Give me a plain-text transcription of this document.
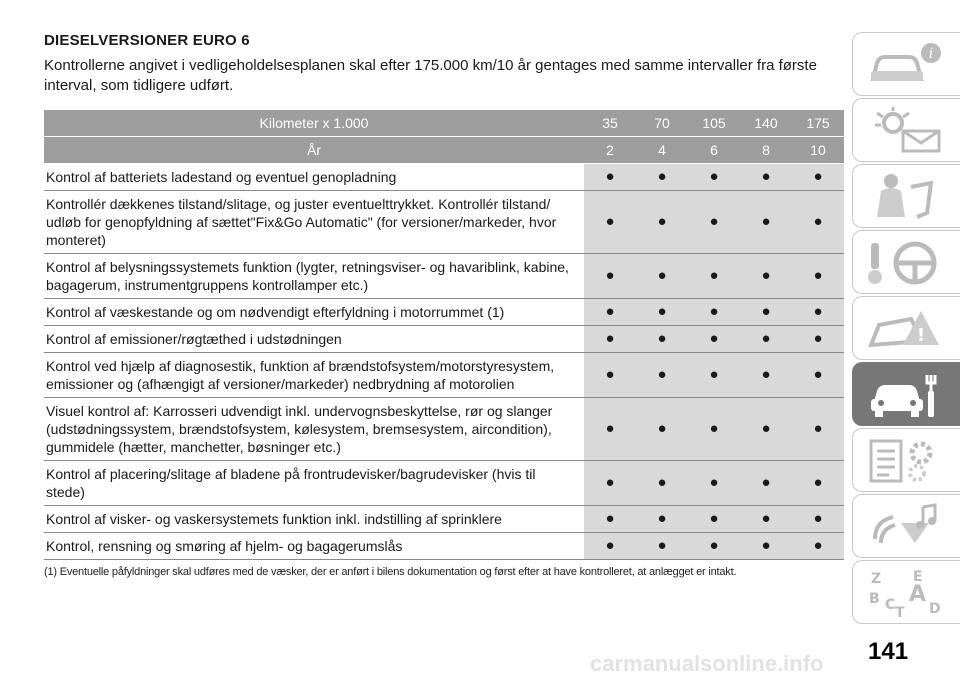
DIESELVERSIONER EURO 6
Kontrollerne angivet i vedligeholdelsesplanen skal efter 175.000 km/10 år gentages med samme intervaller fra første interval, som tidligere udført.
Kilometer x 1.000	35	70	105	140	175
År	2	4	6	8	10
Kontrol af batteriets ladestand og eventuel genopladning	●	●	●	●	●
Kontrollér dækkenes tilstand/slitage, og juster eventuelttrykket. Kontrollér tilstand/ udløb for genopfyldning af sættet"Fix&Go Automatic" (for versioner/markeder, hvor monteret)	●	●	●	●	●
Kontrol af belysningssystemets funktion (lygter, retningsviser- og havariblink, kabine, bagagerum, instrumentgruppens kontrollamper etc.)	●	●	●	●	●
Kontrol af væskestande og om nødvendigt efterfyldning i motorrummet (1)	●	●	●	●	●
Kontrol af emissioner/røgtæthed i udstødningen	●	●	●	●	●
Kontrol ved hjælp af diagnosestik, funktion af brændstofsystem/motorstyresystem, emissioner og (afhængigt af versioner/markeder) nedbrydning af motorolien	●	●	●	●	●
Visuel kontrol af: Karrosseri udvendigt inkl. undervognsbeskyttelse, rør og slanger (udstødningssystem, brændstofsystem, kølesystem, bremsesystem, aircondition), gummidele (hætter, manchetter, bøsninger etc.)	●	●	●	●	●
Kontrol af placering/slitage af bladene på frontrudevisker/bagrudevisker (hvis til stede)	●	●	●	●	●
Kontrol af visker- og vaskersystemets funktion inkl. indstilling af sprinklere	●	●	●	●	●
Kontrol, rensning og smøring af hjelm- og bagagerumslås	●	●	●	●	●
(1) Eventuelle påfyldninger skal udføres med de væsker, der er anført i bilens dokumentation og først efter at have kontrolleret, at anlægget er intakt.
i
!
Z E
B C A
D
T
carmanualsonline.info 141
